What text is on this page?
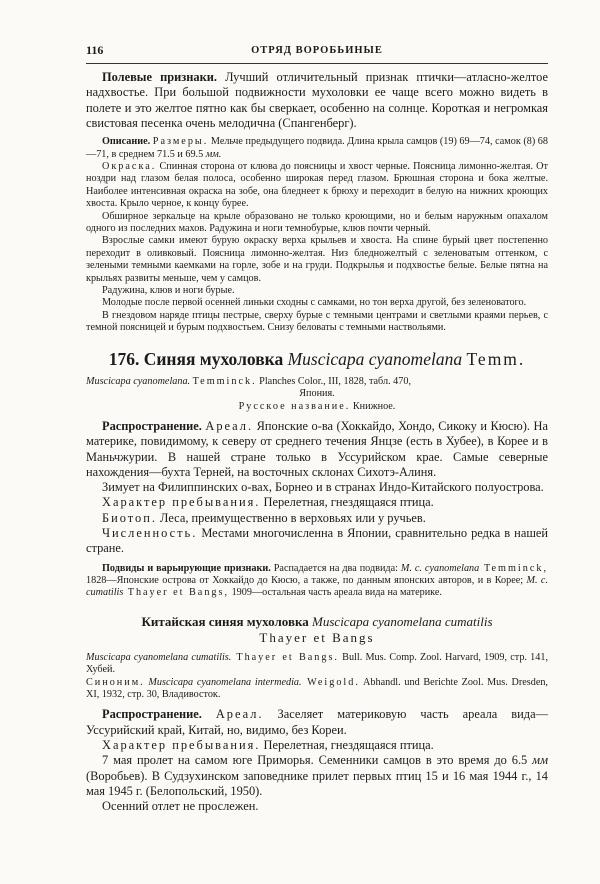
116	ОТРЯД ВОРОБЬИНЫЕ

Полевые признаки. Лучший отличительный признак птички—атласно-желтое надхвостье. При большой подвижности мухоловки ее чаще всего можно видеть в полете и это желтое пятно как бы сверкает, особенно на солнце. Короткая и негромкая свистовая песенка очень мелодична (Спангенберг).

Описание. Размеры. Мельче предыдущего подвида. Длина крыла самцов (19) 69—74, самок (8) 68—71, в среднем 71.5 и 69.5 мм.

Окраска. Спинная сторона от клюва до поясницы и хвост черные. Поясница лимонно-желтая. От ноздри над глазом белая полоса, особенно широкая перед глазом. Брюшная сторона и бока желтые. Наиболее интенсивная окраска на зобе, она бледнеет к брюху и переходит в белую на нижних кроющих хвоста. Крыло черное, к концу бурее.

Обширное зеркальце на крыле образовано не только кроющими, но и белым наружным опахалом одного из последних махов. Радужина и ноги темнобурые, клюв почти черный.

Взрослые самки имеют бурую окраску верха крыльев и хвоста. На спине бурый цвет постепенно переходит в оливковый. Поясница лимонно-желтая. Низ бледножелтый с зеленоватым оттенком, с зелеными темными каемками на горле, зобе и на груди. Подкрылья и подхвостье белые. Белые пятна на крыльях развиты меньше, чем у самцов.

Радужина, клюв и ноги бурые.

Молодые после первой осенней линьки сходны с самками, но тон верха другой, без зеленоватого.

В гнездовом наряде птицы пестрые, сверху бурые с темными центрами и светлыми краями перьев, с темной поясницей и бурым подхвостьем. Снизу беловаты с темными наствольями.

176. Синяя мухоловка Muscicapa cyanomelana Temm.

Muscicapa cyanomelana. Temminck. Planches Color., III, 1828, табл. 470,

Япония.

Русское название. Книжное.

Распространение. Ареал. Японские о-ва (Хоккайдо, Хондо, Сикоку и Кюсю). На материке, повидимому, к северу от среднего течения Янцзе (есть в Хубее), в Корее и в Маньчжурии. В нашей стране только в Уссурийском крае. Самые северные нахождения—бухта Терней, на восточных склонах Сихотэ-Алиня.

Зимует на Филиппинских о-вах, Борнео и в странах Индо-Китайского полуострова.

Характер пребывания. Перелетная, гнездящаяся птица.

Биотоп. Леса, преимущественно в верховьях или у ручьев.

Численность. Местами многочисленна в Японии, сравнительно редка в нашей стране.

Подвиды и варьирующие признаки. Распадается на два подвида: M. c. cyanomelana Temminck, 1828—Японские острова от Хоккайдо до Кюсю, а также, по данным японских авторов, и в Корее; M. c. cumatilis Thayer et Bangs, 1909—остальная часть ареала вида на материке.

Китайская синяя мухоловка Muscicapa cyanomelana cumatilis
Thayer et Bangs

Muscicapa cyanomelana cumatilis. Thayer et Bangs. Bull. Mus. Comp. Zool. Harvard, 1909, стр. 141, Хубей.

Синоним. Muscicapa cyanomelana intermedia. Weigold. Abhandl. und Berichte Zool. Mus. Dresden, XI, 1932, стр. 30, Владивосток.

Распространение. Ареал. Заселяет материковую часть ареала вида—Уссурийский край, Китай, но, видимо, без Кореи.

Характер пребывания. Перелетная, гнездящаяся птица.

7 мая пролет на самом юге Приморья. Семенники самцов в это время до 6.5 мм (Воробьев). В Судзухинском заповеднике прилет первых птиц 15 и 16 мая 1944 г., 14 мая 1945 г. (Белопольский, 1950).

Осенний отлет не прослежен.
